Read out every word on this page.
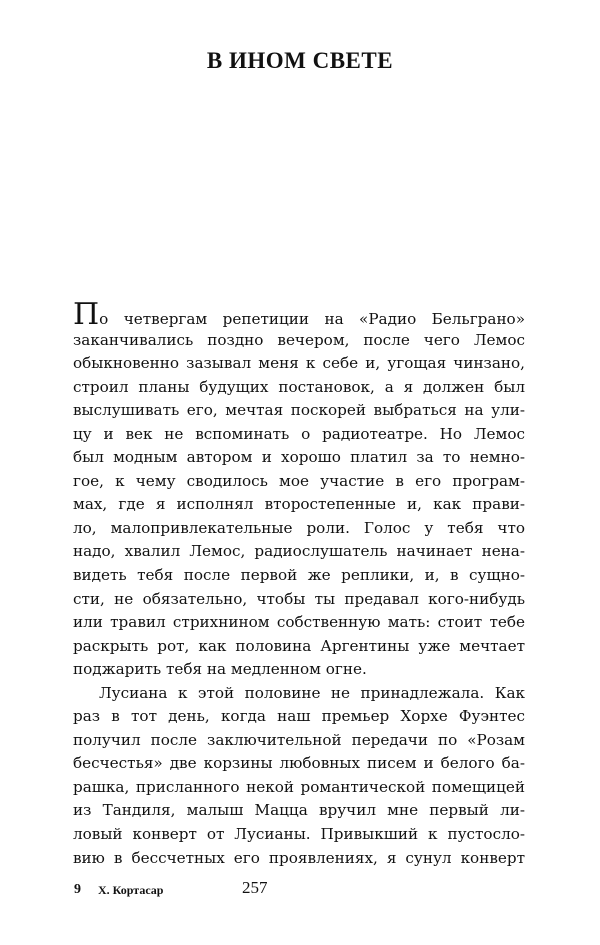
В ИНОМ СВЕТЕ
По четвергам репетиции на «Радио Бельграно»
заканчивались поздно вечером, после чего Лемос
обыкновенно зазывал меня к себе и, угощая чинзано,
строил планы будущих постановок, а я должен был
выслушивать его, мечтая поскорей выбраться на ули-
цу и век не вспоминать о радиотеатре. Но Лемос
был модным автором и хорошо платил за то немно-
гое, к чему сводилось мое участие в его програм-
мах, где я исполнял второстепенные и, как прави-
ло, малопривлекательные роли. Голос у тебя что
надо, хвалил Лемос, радиослушатель начинает нена-
видеть тебя после первой же реплики, и, в сущно-
сти, не обязательно, чтобы ты предавал кого-нибудь
или травил стрихнином собственную мать: стоит тебе
раскрыть рот, как половина Аргентины уже мечтает
поджарить тебя на медленном огне.
Лусиана к этой половине не принадлежала. Как
раз в тот день, когда наш премьер Хорхе Фуэнтес
получил после заключительной передачи по «Розам
бесчестья» две корзины любовных писем и белого ба-
рашка, присланного некой романтической помещицей
из Тандиля, малыш Мацца вручил мне первый ли-
ловый конверт от Лусианы. Привыкший к пустосло-
вию в бессчетных его проявлениях, я сунул конверт
9 Х. Кортасар	257
